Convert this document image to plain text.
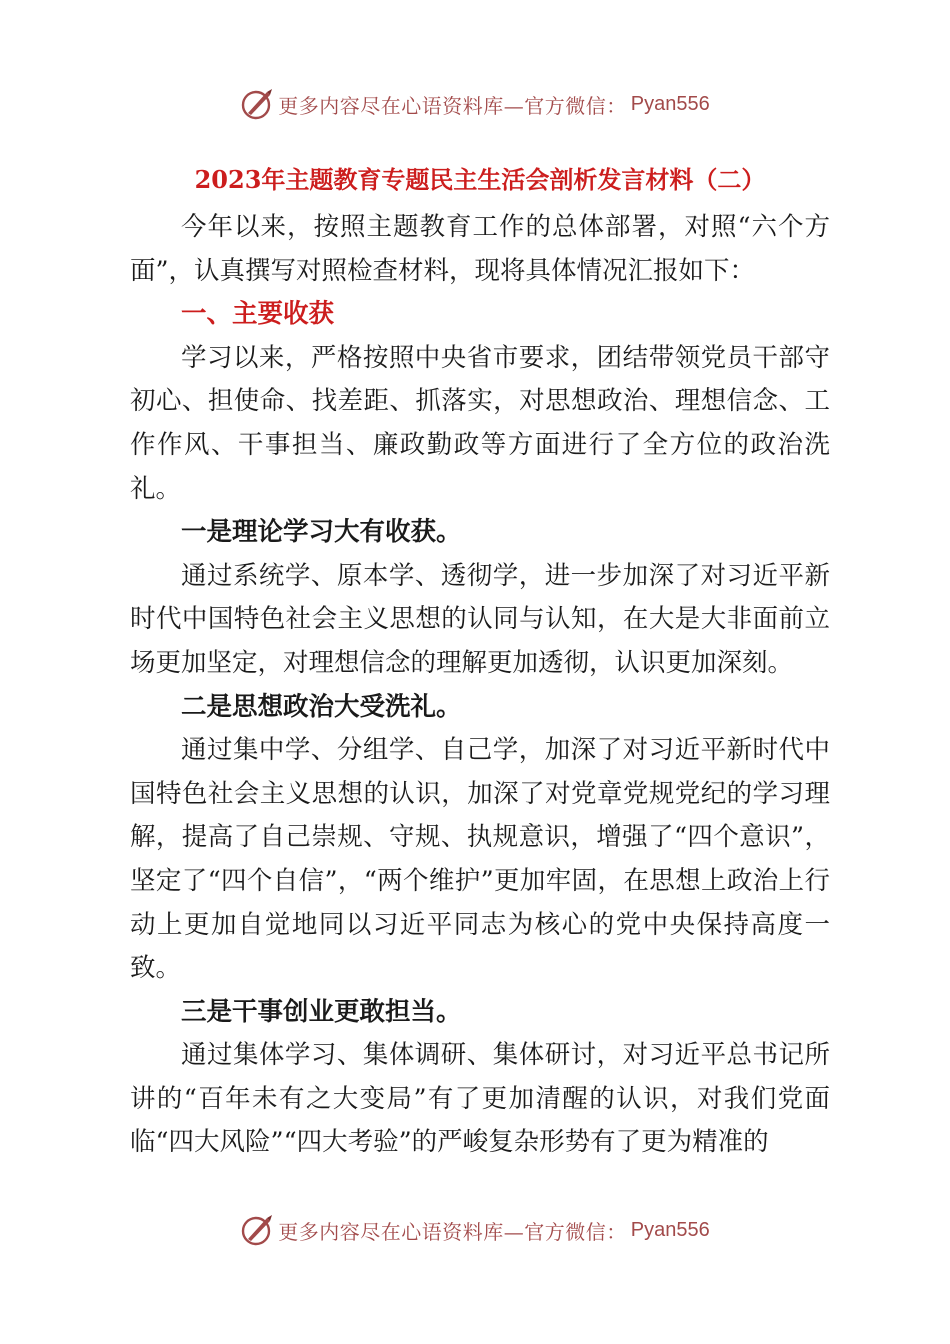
更多内容尽在心语资料库—官方微信： Pyan556

2023年主题教育专题民主生活会剖析发言材料（二）

今年以来，按照主题教育工作的总体部署，对照“六个方面”，认真撰写对照检查材料，现将具体情况汇报如下：

一、主要收获

学习以来，严格按照中央省市要求，团结带领党员干部守初心、担使命、找差距、抓落实，对思想政治、理想信念、工作作风、干事担当、廉政勤政等方面进行了全方位的政治洗礼。

一是理论学习大有收获。

通过系统学、原本学、透彻学，进一步加深了对习近平新时代中国特色社会主义思想的认同与认知，在大是大非面前立场更加坚定，对理想信念的理解更加透彻，认识更加深刻。

二是思想政治大受洗礼。

通过集中学、分组学、自己学，加深了对习近平新时代中国特色社会主义思想的认识，加深了对党章党规党纪的学习理解，提高了自己崇规、守规、执规意识，增强了“四个意识”，坚定了“四个自信”，“两个维护”更加牢固，在思想上政治上行动上更加自觉地同以习近平同志为核心的党中央保持高度一致。

三是干事创业更敢担当。

通过集体学习、集体调研、集体研讨，对习近平总书记所讲的“百年未有之大变局”有了更加清醒的认识，对我们党面临“四大风险”“四大考验”的严峻复杂形势有了更为精准的

更多内容尽在心语资料库—官方微信： Pyan556
